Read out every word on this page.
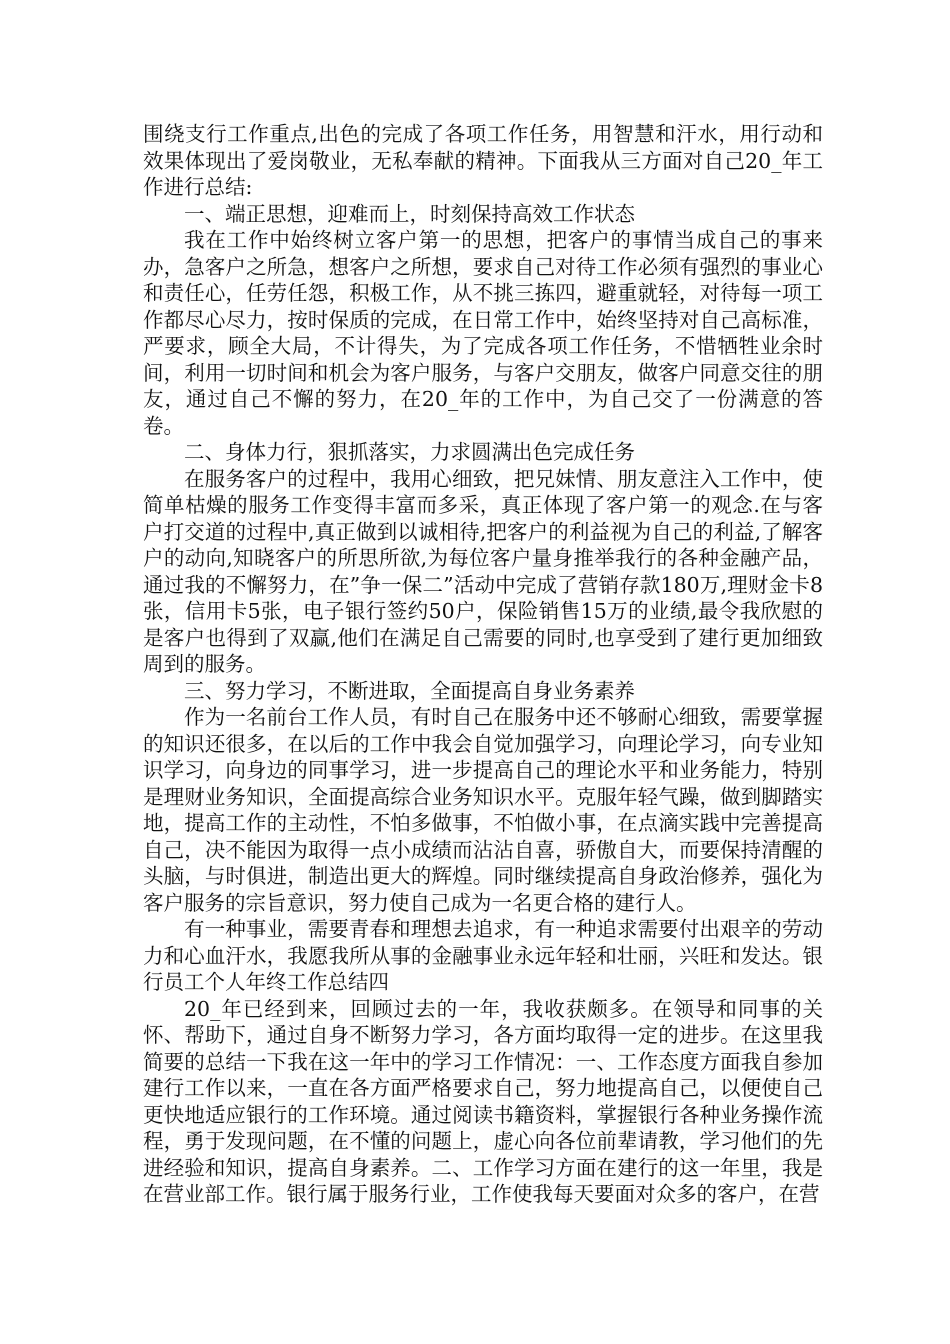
围绕支行工作重点,出色的完成了各项工作任务，用智慧和汗水，用行动和效果体现出了爱岗敬业，无私奉献的精神。下面我从三方面对自己20_年工作进行总结:

一、端正思想，迎难而上，时刻保持高效工作状态

我在工作中始终树立客户第一的思想，把客户的事情当成自己的事来办，急客户之所急，想客户之所想，要求自己对待工作必须有强烈的事业心和责任心，任劳任怨，积极工作，从不挑三拣四，避重就轻，对待每一项工作都尽心尽力，按时保质的完成，在日常工作中，始终坚持对自己高标准，严要求，顾全大局，不计得失，为了完成各项工作任务，不惜牺牲业余时间，利用一切时间和机会为客户服务，与客户交朋友，做客户同意交往的朋友，通过自己不懈的努力，在20_年的工作中，为自己交了一份满意的答卷。

二、身体力行，狠抓落实，力求圆满出色完成任务

在服务客户的过程中，我用心细致，把兄妹情、朋友意注入工作中，使简单枯燥的服务工作变得丰富而多采，真正体现了客户第一的观念.在与客户打交道的过程中,真正做到以诚相待,把客户的利益视为自己的利益,了解客户的动向,知晓客户的所思所欲,为每位客户量身推举我行的各种金融产品，通过我的不懈努力，在”争一保二”活动中完成了营销存款180万,理财金卡8张，信用卡5张，电子银行签约50户，保险销售15万的业绩,最令我欣慰的是客户也得到了双赢,他们在满足自己需要的同时,也享受到了建行更加细致周到的服务。

三、努力学习，不断进取，全面提高自身业务素养

作为一名前台工作人员，有时自己在服务中还不够耐心细致，需要掌握的知识还很多，在以后的工作中我会自觉加强学习，向理论学习，向专业知识学习，向身边的同事学习，进一步提高自己的理论水平和业务能力，特别是理财业务知识，全面提高综合业务知识水平。克服年轻气躁，做到脚踏实地，提高工作的主动性，不怕多做事，不怕做小事，在点滴实践中完善提高自己，决不能因为取得一点小成绩而沾沾自喜，骄傲自大，而要保持清醒的头脑，与时俱进，制造出更大的辉煌。同时继续提高自身政治修养，强化为客户服务的宗旨意识，努力使自己成为一名更合格的建行人。

有一种事业，需要青春和理想去追求，有一种追求需要付出艰辛的劳动力和心血汗水，我愿我所从事的金融事业永远年轻和壮丽，兴旺和发达。银行员工个人年终工作总结四

20_年已经到来，回顾过去的一年，我收获颇多。在领导和同事的关怀、帮助下，通过自身不断努力学习，各方面均取得一定的进步。在这里我简要的总结一下我在这一年中的学习工作情况：一、工作态度方面我自参加建行工作以来，一直在各方面严格要求自己，努力地提高自己，以便使自己更快地适应银行的工作环境。通过阅读书籍资料，掌握银行各种业务操作流程，勇于发现问题，在不懂的问题上，虚心向各位前辈请教，学习他们的先进经验和知识，提高自身素养。二、工作学习方面在建行的这一年里，我是在营业部工作。银行属于服务行业，工作使我每天要面对众多的客户，在营
